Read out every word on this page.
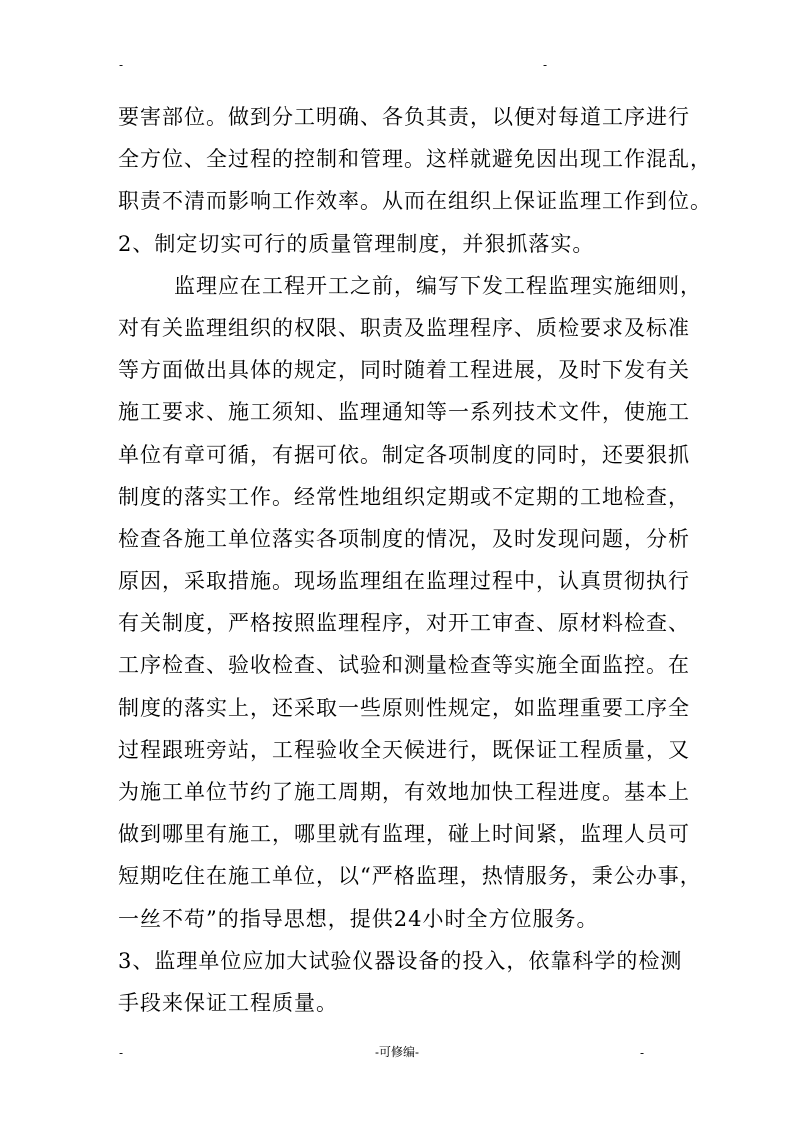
-	-
要害部位。做到分工明确、各负其责，以便对每道工序进行
全方位、全过程的控制和管理。这样就避免因出现工作混乱，
职责不清而影响工作效率。从而在组织上保证监理工作到位。
2、制定切实可行的质量管理制度，并狠抓落实。
监理应在工程开工之前，编写下发工程监理实施细则，
对有关监理组织的权限、职责及监理程序、质检要求及标准
等方面做出具体的规定，同时随着工程进展，及时下发有关
施工要求、施工须知、监理通知等一系列技术文件，使施工
单位有章可循，有据可依。制定各项制度的同时，还要狠抓
制度的落实工作。经常性地组织定期或不定期的工地检查，
检查各施工单位落实各项制度的情况，及时发现问题，分析
原因，采取措施。现场监理组在监理过程中，认真贯彻执行
有关制度，严格按照监理程序，对开工审查、原材料检查、
工序检查、验收检查、试验和测量检查等实施全面监控。在
制度的落实上，还采取一些原则性规定，如监理重要工序全
过程跟班旁站，工程验收全天候进行，既保证工程质量，又
为施工单位节约了施工周期，有效地加快工程进度。基本上
做到哪里有施工，哪里就有监理，碰上时间紧，监理人员可
短期吃住在施工单位，以“严格监理，热情服务，秉公办事，
一丝不苟”的指导思想，提供24小时全方位服务。
3、监理单位应加大试验仪器设备的投入，依靠科学的检测
手段来保证工程质量。
-	-可修编-	-
